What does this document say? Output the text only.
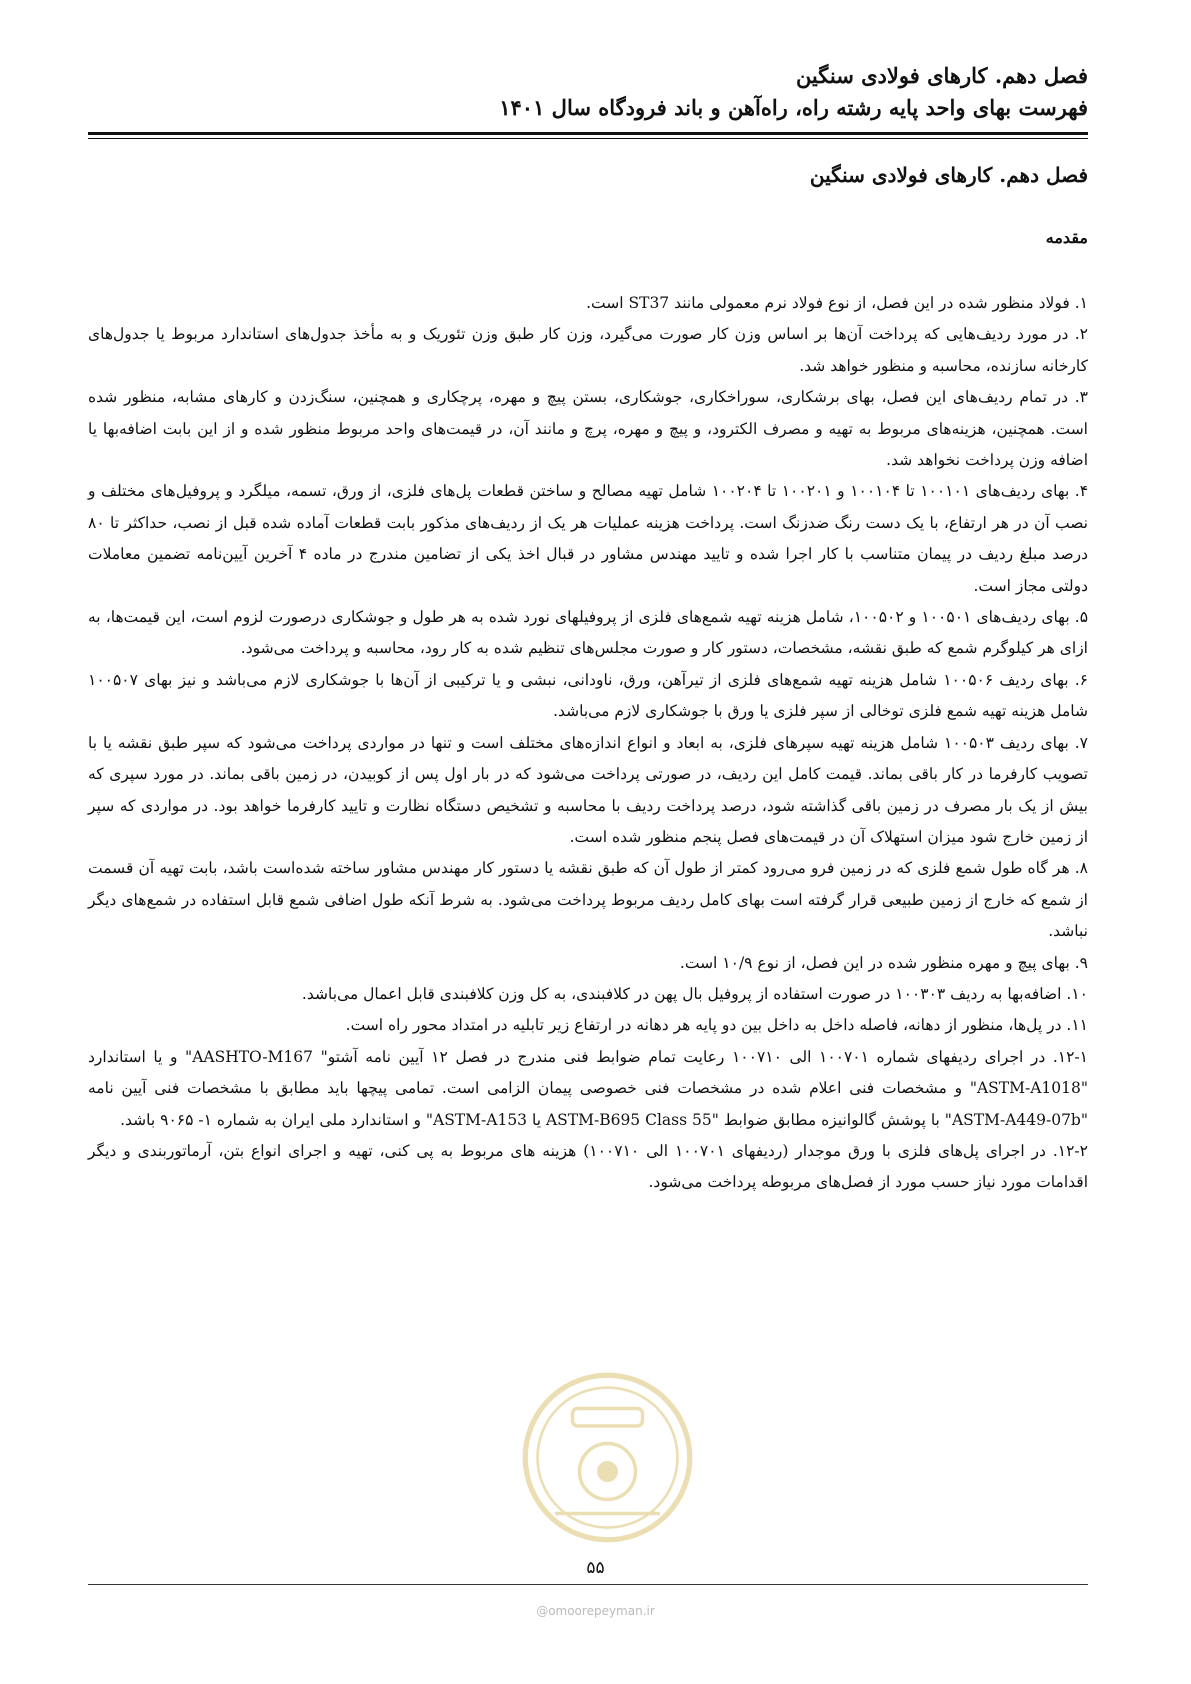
فصل دهم. کارهای فولادی سنگین
فهرست بهای واحد پایه رشته راه، راه‌آهن و باند فرودگاه سال ۱۴۰۱
فصل دهم. کارهای فولادی سنگین
مقدمه

۱. فولاد منظور شده در این فصل، از نوع فولاد نرم معمولی مانند ST37 است.

۲. در مورد ردیف‌هایی که پرداخت آن‌ها بر اساس وزن کار صورت می‌گیرد، وزن کار طبق وزن تئوریک و به مأخذ جدول‌های استاندارد مربوط یا جدول‌های کارخانه سازنده، محاسبه و منظور خواهد شد.

۳. در تمام ردیف‌های این فصل، بهای برشکاری، سوراخکاری، جوشکاری، بستن پیچ و مهره، پرچکاری و همچنین، سنگ‌زدن و کارهای مشابه، منظور شده است. همچنین، هزینه‌های مربوط به تهیه و مصرف الکترود، و پیچ و مهره، پرچ و مانند آن، در قیمت‌های واحد مربوط منظور شده و از این بابت اضافه‌بها یا اضافه وزن پرداخت نخواهد شد.

۴. بهای ردیف‌های ۱۰۰۱۰۱ تا ۱۰۰۱۰۴ و ۱۰۰۲۰۱ تا ۱۰۰۲۰۴ شامل تهیه مصالح و ساختن قطعات پل‌های فلزی، از ورق، تسمه، میلگرد و پروفیل‌های مختلف و نصب آن در هر ارتفاع، با یک دست رنگ ضدزنگ است. پرداخت هزینه عملیات هر یک از ردیف‌های مذکور بابت قطعات آماده شده قبل از نصب، حداکثر تا ۸۰ درصد مبلغ ردیف در پیمان متناسب با کار اجرا شده و تایید مهندس مشاور در قبال اخذ یکی از تضامین مندرج در ماده ۴ آخرین آیین‌نامه تضمین معاملات دولتی مجاز است.

۵. بهای ردیف‌های ۱۰۰۵۰۱ و ۱۰۰۵۰۲، شامل هزینه تهیه شمع‌های فلزی از پروفیلهای نورد شده به هر طول و جوشکاری درصورت لزوم است، این قیمت‌ها، به ازای هر کیلوگرم شمع که طبق نقشه، مشخصات، دستور کار و صورت مجلس‌های تنظیم شده به کار رود، محاسبه و پرداخت می‌شود.

۶. بهای ردیف ۱۰۰۵۰۶ شامل هزینه تهیه شمع‌های فلزی از تیرآهن، ورق، ناودانی، نبشی و یا ترکیبی از آن‌ها با جوشکاری لازم می‌باشد و نیز بهای ۱۰۰۵۰۷ شامل هزینه تهیه شمع فلزی توخالی از سپر فلزی یا ورق با جوشکاری لازم می‌باشد.

۷. بهای ردیف ۱۰۰۵۰۳ شامل هزینه تهیه سپرهای فلزی، به ابعاد و انواع اندازه‌های مختلف است و تنها در مواردی پرداخت می‌شود که سپر طبق نقشه یا با تصویب کارفرما در کار باقی بماند. قیمت کامل این ردیف، در صورتی پرداخت می‌شود که در بار اول پس از کوبیدن، در زمین باقی بماند. در مورد سپری که بیش از یک بار مصرف در زمین باقی گذاشته شود، درصد پرداخت ردیف با محاسبه و تشخیص دستگاه نظارت و تایید کارفرما خواهد بود. در مواردی که سپر از زمین خارج شود میزان استهلاک آن در قیمت‌های فصل پنجم منظور شده است.

۸. هر گاه طول شمع فلزی که در زمین فرو می‌رود کمتر از طول آن که طبق نقشه یا دستور کار مهندس مشاور ساخته شده‌است باشد، بابت تهیه آن قسمت از شمع که خارج از زمین طبیعی قرار گرفته است بهای کامل ردیف مربوط پرداخت می‌شود. به شرط آنکه طول اضافی شمع قابل استفاده در شمع‌های دیگر نباشد.

۹. بهای پیچ و مهره منظور شده در این فصل، از نوع ۱۰/۹ است.

۱۰. اضافه‌بها به ردیف ۱۰۰۳۰۳ در صورت استفاده از پروفیل بال پهن در کلافبندی، به کل وزن کلافبندی قابل اعمال می‌باشد.

۱۱. در پل‌ها، منظور از دهانه، فاصله داخل به داخل بین دو پایه هر دهانه در ارتفاع زیر تابلیه در امتداد محور راه است.

۱۲-۱. در اجرای ردیفهای شماره ۱۰۰۷۰۱ الی ۱۰۰۷۱۰ رعایت تمام ضوابط فنی مندرج در فصل ۱۲ آیین نامه آشتو" AASHTO-M167" و یا استاندارد "ASTM-A1018" و مشخصات فنی اعلام شده در مشخصات فنی خصوصی پیمان الزامی است. تمامی پیچها باید مطابق با مشخصات فنی آیین نامه "ASTM-A449-07b" با پوشش گالوانیزه مطابق ضوابط "ASTM-B695 Class 55 یا ASTM-A153" و استاندارد ملی ایران به شماره ۱- ۹۰۶۵ باشد.

۱۲-۲. در اجرای پل‌های فلزی با ورق موجدار (ردیفهای ۱۰۰۷۰۱ الی ۱۰۰۷۱۰) هزینه های مربوط به پی کنی، تهیه و اجرای انواع بتن، آرماتوربندی و دیگر اقدامات مورد نیاز حسب مورد از فصل‌های مربوطه پرداخت می‌شود.

۵۵
@omoorepeyman.ir
